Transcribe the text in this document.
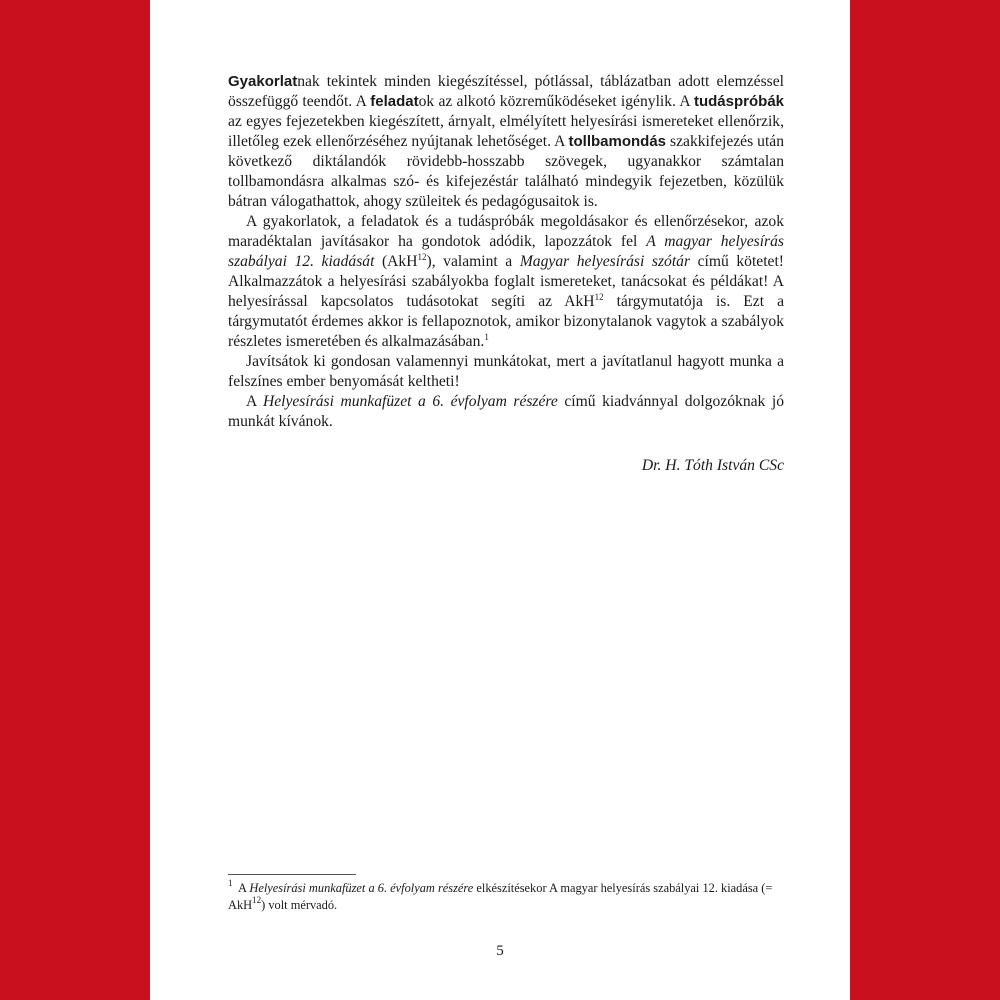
Gyakorlatnak tekintek minden kiegészítéssel, pótlással, táblázatban adott elemzéssel összefüggő teendőt. A feladatok az alkotó közreműködéseket igénylik. A tudáspróbák az egyes fejezetekben kiegészített, árnyalt, elmélyített helyesírási ismereteket ellenőrzik, illetőleg ezek ellenőrzéséhez nyújtanak lehetőséget. A tollbamondás szakkifejezés után következő diktálandók rövidebb-hosszabb szövegek, ugyanakkor számtalan tollbamondásra alkalmas szó- és kifejezéstár található mindegyik fejezetben, közülük bátran válogathattok, ahogy szüleitek és pedagógusaitok is.

A gyakorlatok, a feladatok és a tudáspróbák megoldásakor és ellenőrzésekor, azok maradéktalan javításakor ha gondotok adódik, lapozzátok fel A magyar helyesírás szabályai 12. kiadását (AkH$^{12}$), valamint a Magyar helyesírási szótár című kötetet! Alkalmazzátok a helyesírási szabályokba foglalt ismereteket, tanácsokat és példákat! A helyesírással kapcsolatos tudásotokat segíti az AkH$^{12}$ tárgymutatója is. Ezt a tárgymutatót érdemes akkor is fellapoznotok, amikor bizonytalanok vagytok a szabályok részletes ismeretében és alkalmazásában.$^1$

Javítsátok ki gondosan valamennyi munkátokat, mert a javítatlanul hagyott munka a felszínes ember benyomását keltheti!

A Helyesírási munkafüzet a 6. évfolyam részére című kiadvánnyal dolgozóknak jó munkát kívánok.

Dr. H. Tóth István CSc

$^1$ A Helyesírási munkafüzet a 6. évfolyam részére elkészítésekor A magyar helyesírás szabályai 12. kiadása (= AkH$^{12}$) volt mérvadó.
5
